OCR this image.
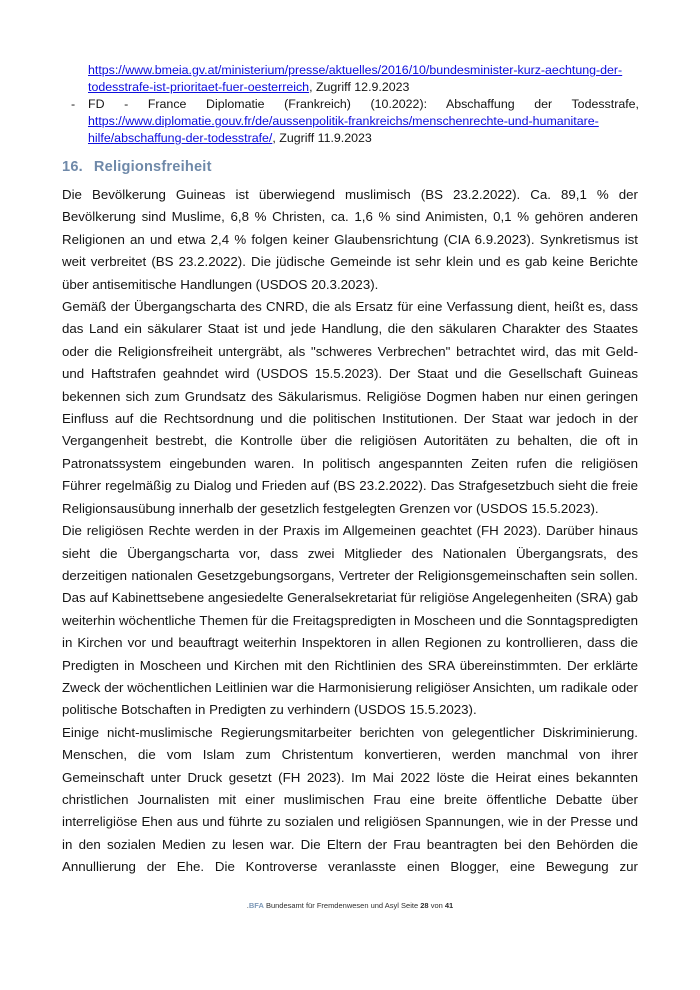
https://www.bmeia.gv.at/ministerium/presse/aktuelles/2016/10/bundesminister-kurz-aechtung-der-todesstrafe-ist-prioritaet-fuer-oesterreich, Zugriff 12.9.2023
- FD - France Diplomatie (Frankreich) (10.2022): Abschaffung der Todesstrafe, https://www.diplomatie.gouv.fr/de/aussenpolitik-frankreichs/menschenrechte-und-humanitare-hilfe/abschaffung-der-todesstrafe/, Zugriff 11.9.2023
16. Religionsfreiheit

Die Bevölkerung Guineas ist überwiegend muslimisch (BS 23.2.2022). Ca. 89,1 % der Bevölkerung sind Muslime, 6,8 % Christen, ca. 1,6 % sind Animisten, 0,1 % gehören anderen Religionen an und etwa 2,4 % folgen keiner Glaubensrichtung (CIA 6.9.2023). Synkretismus ist weit verbreitet (BS 23.2.2022). Die jüdische Gemeinde ist sehr klein und es gab keine Berichte über antisemitische Handlungen (USDOS 20.3.2023).

Gemäß der Übergangscharta des CNRD, die als Ersatz für eine Verfassung dient, heißt es, dass das Land ein säkularer Staat ist und jede Handlung, die den säkularen Charakter des Staates oder die Religionsfreiheit untergräbt, als "schweres Verbrechen" betrachtet wird, das mit Geld- und Haftstrafen geahndet wird (USDOS 15.5.2023). Der Staat und die Gesellschaft Guineas bekennen sich zum Grundsatz des Säkularismus. Religiöse Dogmen haben nur einen geringen Einfluss auf die Rechtsordnung und die politischen Institutionen. Der Staat war jedoch in der Vergangenheit bestrebt, die Kontrolle über die religiösen Autoritäten zu behalten, die oft in Patronatssystem eingebunden waren. In politisch angespannten Zeiten rufen die religiösen Führer regelmäßig zu Dialog und Frieden auf (BS 23.2.2022). Das Strafgesetzbuch sieht die freie Religionsausübung innerhalb der gesetzlich festgelegten Grenzen vor (USDOS 15.5.2023).

Die religiösen Rechte werden in der Praxis im Allgemeinen geachtet (FH 2023). Darüber hinaus sieht die Übergangscharta vor, dass zwei Mitglieder des Nationalen Übergangsrats, des derzeitigen nationalen Gesetzgebungsorgans, Vertreter der Religionsgemeinschaften sein sollen. Das auf Kabinettsebene angesiedelte Generalsekretariat für religiöse Angelegenheiten (SRA) gab weiterhin wöchentliche Themen für die Freitagspredigten in Moscheen und die Sonntagspredigten in Kirchen vor und beauftragt weiterhin Inspektoren in allen Regionen zu kontrollieren, dass die Predigten in Moscheen und Kirchen mit den Richtlinien des SRA übereinstimmten. Der erklärte Zweck der wöchentlichen Leitlinien war die Harmonisierung religiöser Ansichten, um radikale oder politische Botschaften in Predigten zu verhindern (USDOS 15.5.2023).

Einige nicht-muslimische Regierungsmitarbeiter berichten von gelegentlicher Diskriminierung. Menschen, die vom Islam zum Christentum konvertieren, werden manchmal von ihrer Gemeinschaft unter Druck gesetzt (FH 2023). Im Mai 2022 löste die Heirat eines bekannten christlichen Journalisten mit einer muslimischen Frau eine breite öffentliche Debatte über interreligiöse Ehen aus und führte zu sozialen und religiösen Spannungen, wie in der Presse und in den sozialen Medien zu lesen war. Die Eltern der Frau beantragten bei den Behörden die Annullierung der Ehe. Die Kontroverse veranlasste einen Blogger, eine Bewegung zur

.BFA Bundesamt für Fremdenwesen und Asyl Seite 28 von 41
